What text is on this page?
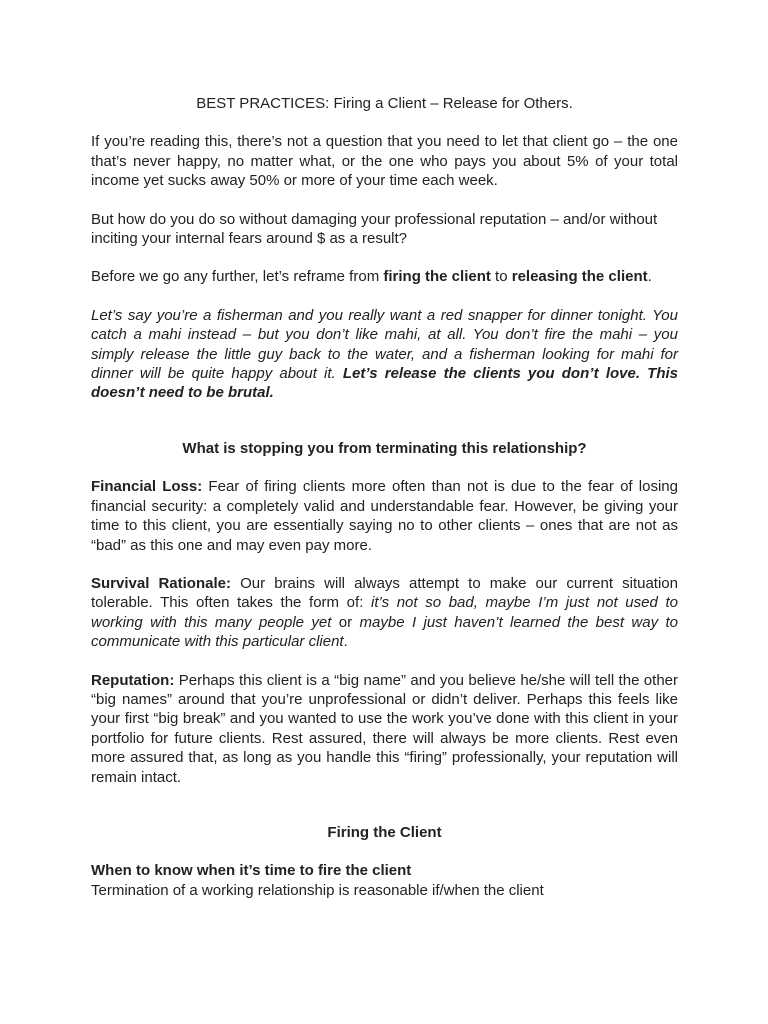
BEST PRACTICES: Firing a Client – Release for Others.

If you’re reading this, there’s not a question that you need to let that client go – the one that’s never happy, no matter what, or the one who pays you about 5% of your total income yet sucks away 50% or more of your time each week.

But how do you do so without damaging your professional reputation – and/or without inciting your internal fears around $ as a result?

Before we go any further, let’s reframe from firing the client to releasing the client.

Let’s say you’re a fisherman and you really want a red snapper for dinner tonight. You catch a mahi instead – but you don’t like mahi, at all. You don’t fire the mahi – you simply release the little guy back to the water, and a fisherman looking for mahi for dinner will be quite happy about it. Let’s release the clients you don’t love. This doesn’t need to be brutal.

What is stopping you from terminating this relationship?

Financial Loss: Fear of firing clients more often than not is due to the fear of losing financial security: a completely valid and understandable fear. However, be giving your time to this client, you are essentially saying no to other clients – ones that are not as “bad” as this one and may even pay more.

Survival Rationale: Our brains will always attempt to make our current situation tolerable. This often takes the form of: it’s not so bad, maybe I’m just not used to working with this many people yet or maybe I just haven’t learned the best way to communicate with this particular client.

Reputation: Perhaps this client is a “big name” and you believe he/she will tell the other “big names” around that you’re unprofessional or didn’t deliver. Perhaps this feels like your first “big break” and you wanted to use the work you’ve done with this client in your portfolio for future clients. Rest assured, there will always be more clients. Rest even more assured that, as long as you handle this “firing” professionally, your reputation will remain intact.

Firing the Client
When to know when it’s time to fire the client
Termination of a working relationship is reasonable if/when the client
